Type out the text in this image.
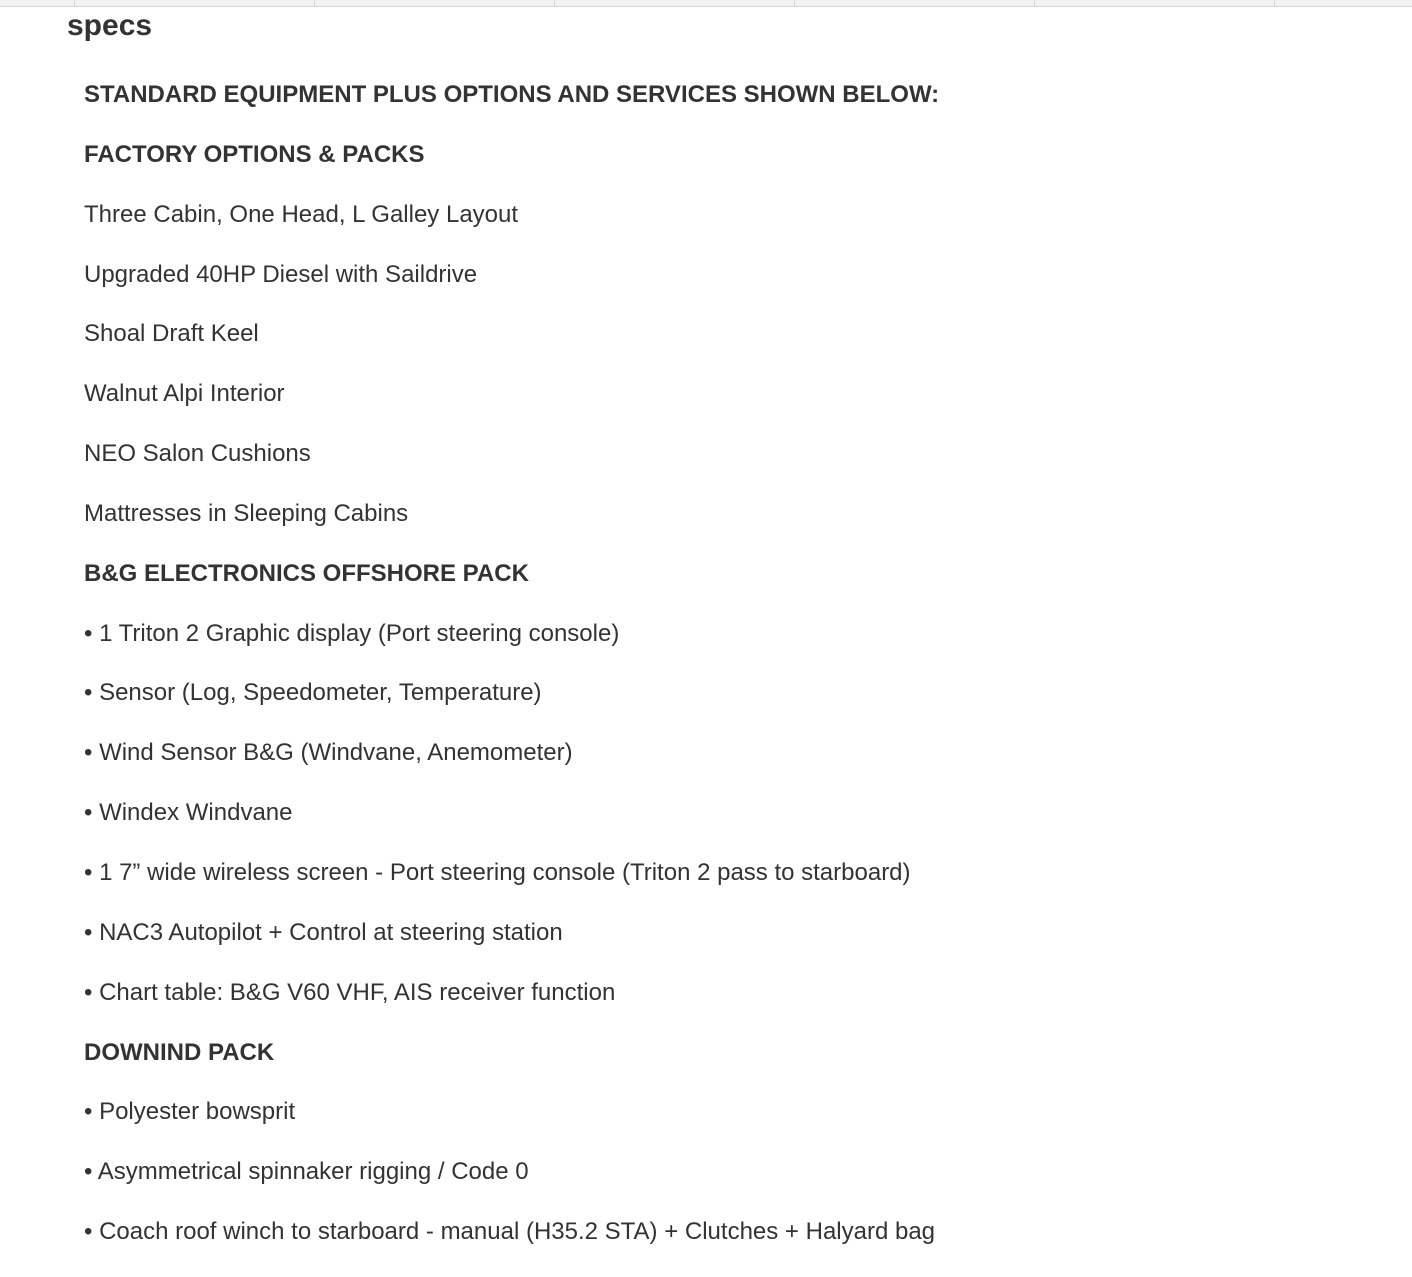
specs
STANDARD EQUIPMENT PLUS OPTIONS AND SERVICES SHOWN BELOW:
FACTORY OPTIONS & PACKS
Three Cabin, One Head, L Galley Layout
Upgraded 40HP Diesel with Saildrive
Shoal Draft Keel
Walnut Alpi Interior
NEO Salon Cushions
Mattresses in Sleeping Cabins
B&G ELECTRONICS OFFSHORE PACK
• 1 Triton 2 Graphic display (Port steering console)
• Sensor (Log, Speedometer, Temperature)
• Wind Sensor B&G (Windvane, Anemometer)
• Windex Windvane
• 1 7” wide wireless screen - Port steering console (Triton 2 pass to starboard)
• NAC3 Autopilot + Control at steering station
• Chart table: B&G V60 VHF, AIS receiver function
DOWNIND PACK
• Polyester bowsprit
• Asymmetrical spinnaker rigging / Code 0
• Coach roof winch to starboard - manual (H35.2 STA) + Clutches + Halyard bag
